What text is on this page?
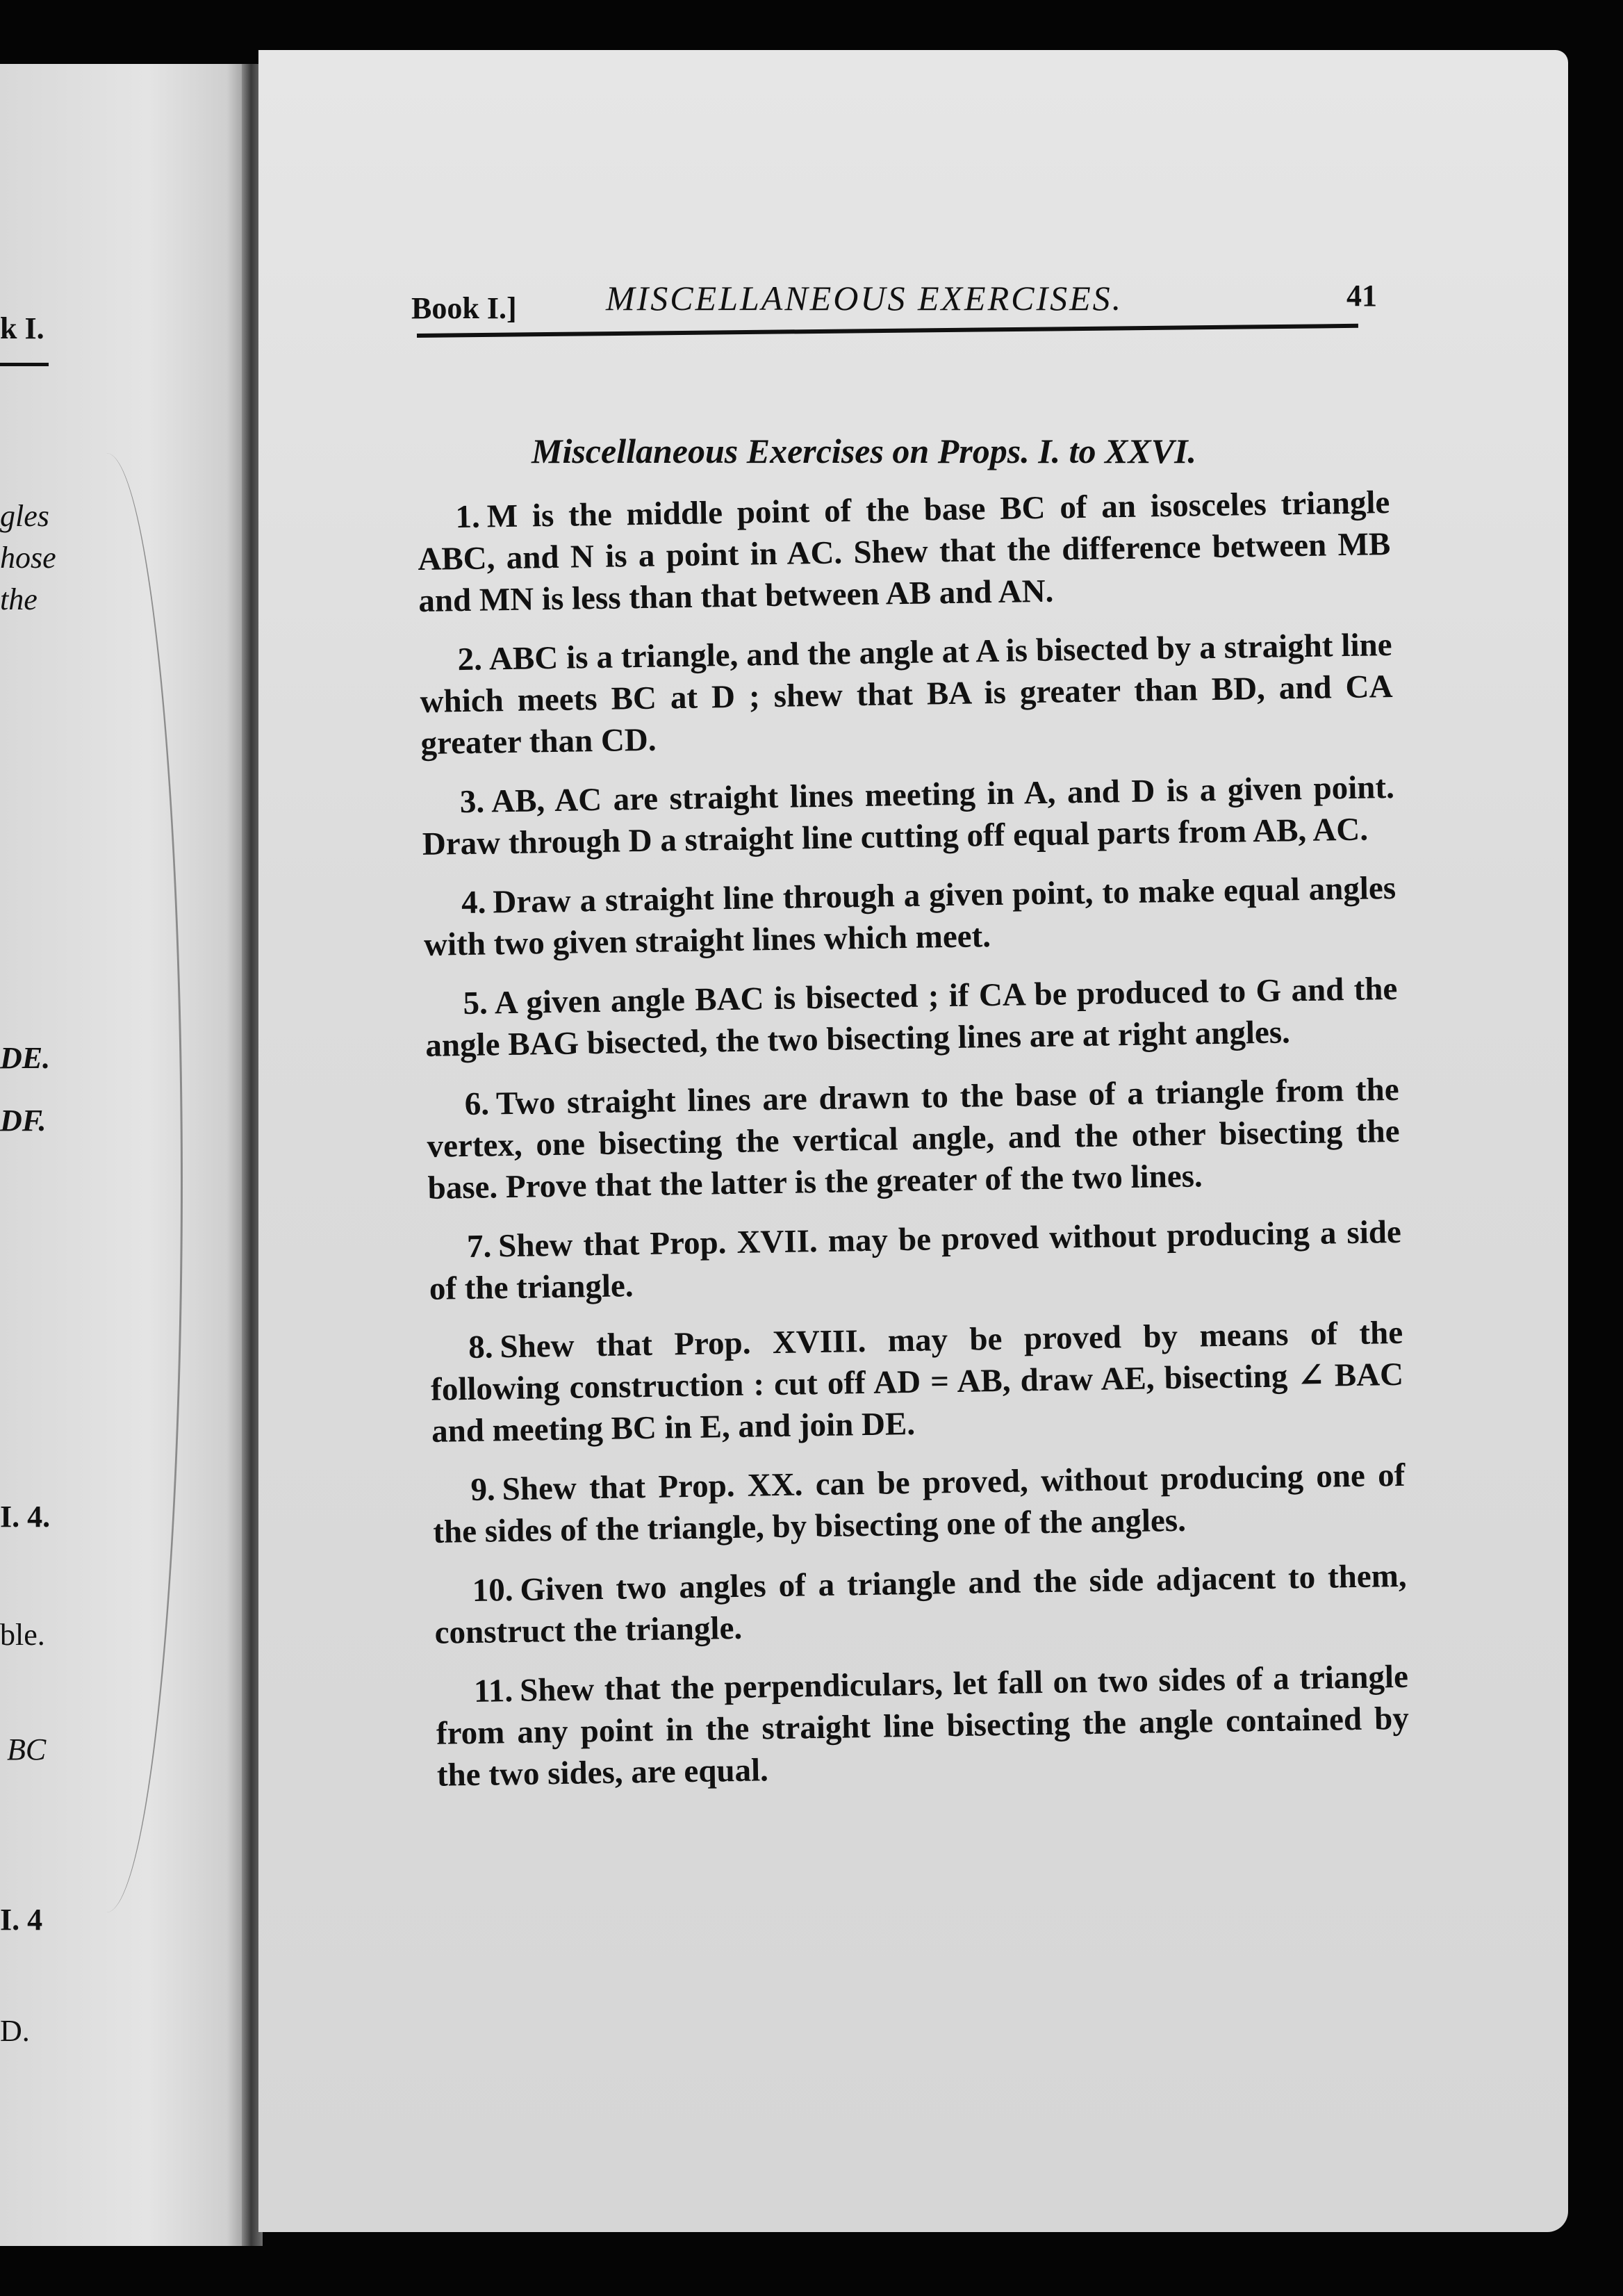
k I.
gles
hose
the
DE.
DF.
I. 4.
ble.
BC
I. 4
D.
Book I.]	MISCELLANEOUS EXERCISES.	41
Miscellaneous Exercises on Props. I. to XXVI.

1. M is the middle point of the base BC of an isosceles triangle ABC, and N is a point in AC. Shew that the difference between MB and MN is less than that between AB and AN.

2. ABC is a triangle, and the angle at A is bisected by a straight line which meets BC at D ; shew that BA is greater than BD, and CA greater than CD.

3. AB, AC are straight lines meeting in A, and D is a given point. Draw through D a straight line cutting off equal parts from AB, AC.

4. Draw a straight line through a given point, to make equal angles with two given straight lines which meet.

5. A given angle BAC is bisected ; if CA be produced to G and the angle BAG bisected, the two bisecting lines are at right angles.

6. Two straight lines are drawn to the base of a triangle from the vertex, one bisecting the vertical angle, and the other bisecting the base. Prove that the latter is the greater of the two lines.

7. Shew that Prop. XVII. may be proved without producing a side of the triangle.

8. Shew that Prop. XVIII. may be proved by means of the following construction : cut off AD = AB, draw AE, bisecting ∠ BAC and meeting BC in E, and join DE.

9. Shew that Prop. XX. can be proved, without producing one of the sides of the triangle, by bisecting one of the angles.

10. Given two angles of a triangle and the side adjacent to them, construct the triangle.

11. Shew that the perpendiculars, let fall on two sides of a triangle from any point in the straight line bisecting the angle contained by the two sides, are equal.
